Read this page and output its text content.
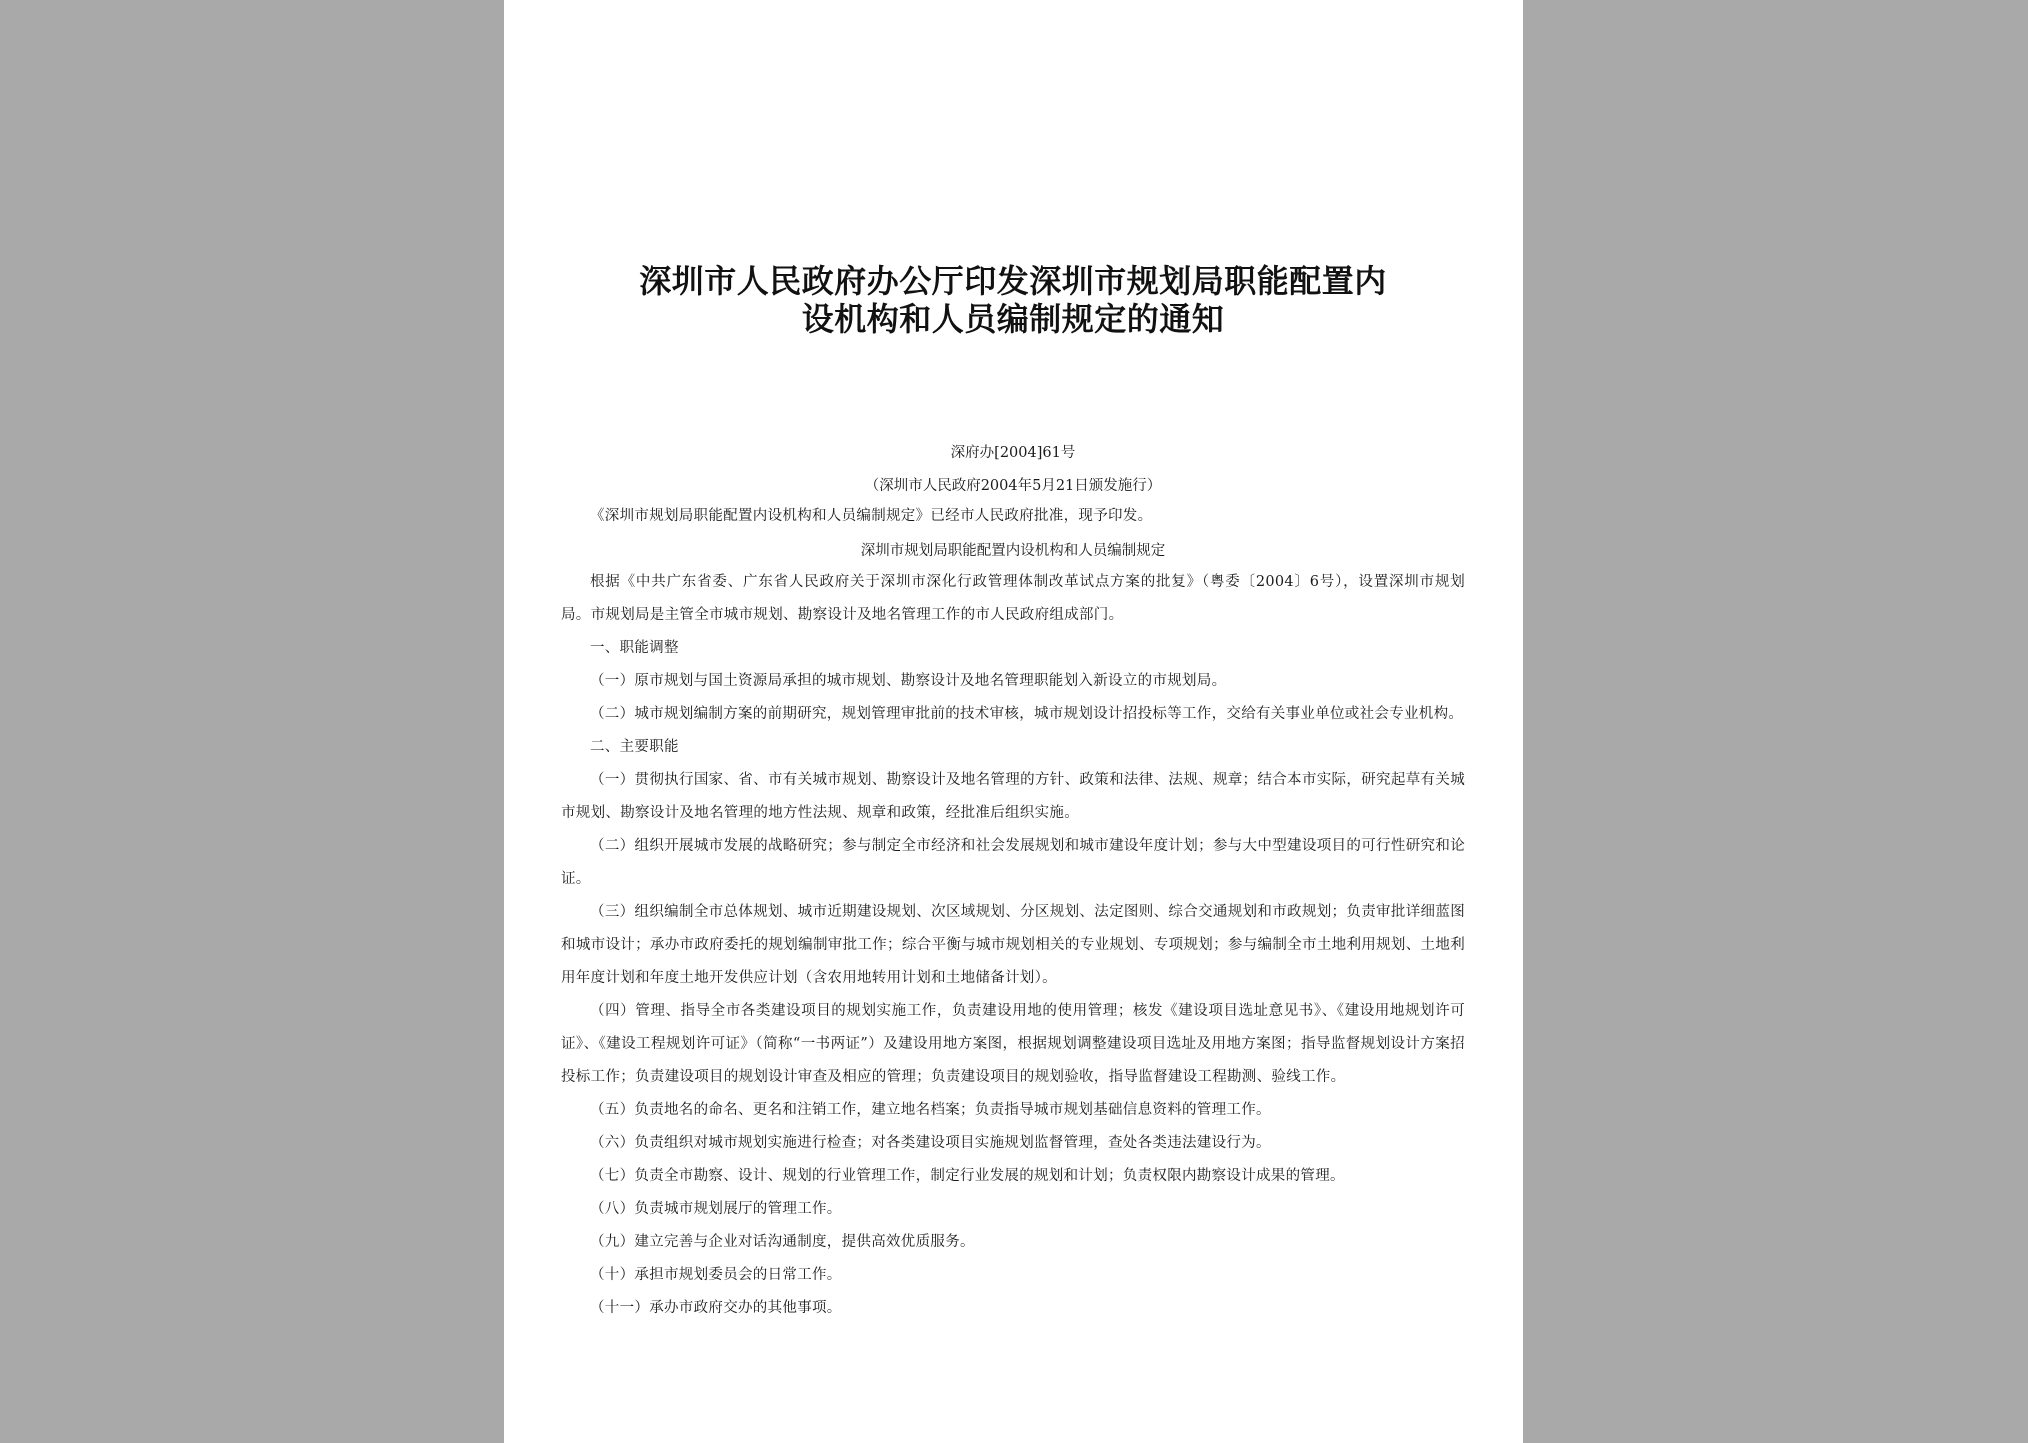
深圳市人民政府办公厅印发深圳市规划局职能配置内
设机构和人员编制规定的通知

深府办[2004]61号

（深圳市人民政府2004年5月21日颁发施行）

《深圳市规划局职能配置内设机构和人员编制规定》已经市人民政府批准，现予印发。

深圳市规划局职能配置内设机构和人员编制规定

根据《中共广东省委、广东省人民政府关于深圳市深化行政管理体制改革试点方案的批复》（粤委〔2004〕6号），设置深圳市规划局。市规划局是主管全市城市规划、勘察设计及地名管理工作的市人民政府组成部门。

一、职能调整

（一）原市规划与国土资源局承担的城市规划、勘察设计及地名管理职能划入新设立的市规划局。

（二）城市规划编制方案的前期研究，规划管理审批前的技术审核，城市规划设计招投标等工作，交给有关事业单位或社会专业机构。

二、主要职能

（一）贯彻执行国家、省、市有关城市规划、勘察设计及地名管理的方针、政策和法律、法规、规章；结合本市实际，研究起草有关城市规划、勘察设计及地名管理的地方性法规、规章和政策，经批准后组织实施。

（二）组织开展城市发展的战略研究；参与制定全市经济和社会发展规划和城市建设年度计划；参与大中型建设项目的可行性研究和论证。

（三）组织编制全市总体规划、城市近期建设规划、次区域规划、分区规划、法定图则、综合交通规划和市政规划；负责审批详细蓝图和城市设计；承办市政府委托的规划编制审批工作；综合平衡与城市规划相关的专业规划、专项规划；参与编制全市土地利用规划、土地利用年度计划和年度土地开发供应计划（含农用地转用计划和土地储备计划）。

（四）管理、指导全市各类建设项目的规划实施工作，负责建设用地的使用管理；核发《建设项目选址意见书》、《建设用地规划许可证》、《建设工程规划许可证》（简称“一书两证”）及建设用地方案图，根据规划调整建设项目选址及用地方案图；指导监督规划设计方案招投标工作；负责建设项目的规划设计审查及相应的管理；负责建设项目的规划验收，指导监督建设工程勘测、验线工作。

（五）负责地名的命名、更名和注销工作，建立地名档案；负责指导城市规划基础信息资料的管理工作。

（六）负责组织对城市规划实施进行检查；对各类建设项目实施规划监督管理，查处各类违法建设行为。

（七）负责全市勘察、设计、规划的行业管理工作，制定行业发展的规划和计划；负责权限内勘察设计成果的管理。

（八）负责城市规划展厅的管理工作。

（九）建立完善与企业对话沟通制度，提供高效优质服务。

（十）承担市规划委员会的日常工作。

（十一）承办市政府交办的其他事项。
